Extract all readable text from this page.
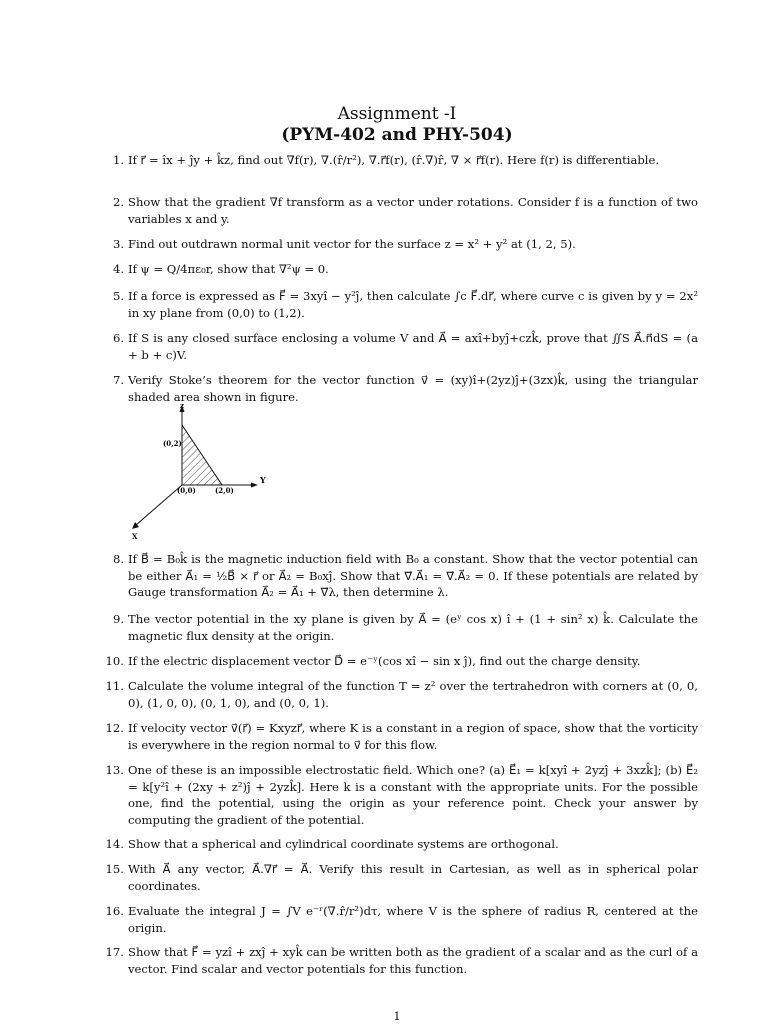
Assignment -I
(PYM-402 and PHY-504)
1. If r⃗ = îx + ĵy + k̂z, find out ∇f(r), ∇.(r̂/r²), ∇.r⃗f(r), (r̂.∇)r̂, ∇ × r⃗f(r). Here f(r) is differentiable.
2. Show that the gradient ∇f transform as a vector under rotations. Consider f is a function of two variables x and y.
3. Find out outdrawn normal unit vector for the surface z = x² + y² at (1, 2, 5).
4. If ψ = Q/4πε₀r, show that ∇²ψ = 0.
5. If a force is expressed as F⃗ = 3xyî − y²ĵ, then calculate ∫c F⃗.dr⃗, where curve c is given by y = 2x² in xy plane from (0,0) to (1,2).
6. If S is any closed surface enclosing a volume V and A⃗ = axî+byĵ+czk̂, prove that ∬S A⃗.n⃗dS = (a + b + c)V.
7. Verify Stoke’s theorem for the vector function v⃗ = (xy)î+(2yz)ĵ+(3zx)k̂, using the triangular shaded area shown in figure.
z
Y
X
(0,2)
(0,0)	(2,0)
8. If B⃗ = B₀k̂ is the magnetic induction field with B₀ a constant. Show that the vector potential can be either A⃗₁ = ½B⃗ × r⃗ or A⃗₂ = B₀xĵ. Show that ∇⃗.A⃗₁ = ∇⃗.A⃗₂ = 0. If these potentials are related by Gauge transformation A⃗₂ = A⃗₁ + ∇⃗λ, then determine λ.
9. The vector potential in the xy plane is given by A⃗ = (eʸ cos x) î + (1 + sin² x) k̂. Calculate the magnetic flux density at the origin.
10. If the electric displacement vector D⃗ = e⁻ʸ(cos xî − sin x ĵ), find out the charge density.
11. Calculate the volume integral of the function T = z² over the tertrahedron with corners at (0, 0, 0), (1, 0, 0), (0, 1, 0), and (0, 0, 1).
12. If velocity vector v⃗(r⃗) = Kxyzr⃗, where K is a constant in a region of space, show that the vorticity is everywhere in the region normal to v⃗ for this flow.
13. One of these is an impossible electrostatic field. Which one? (a) E⃗₁ = k[xyî + 2yzĵ + 3xzk̂]; (b) E⃗₂ = k[y²î + (2xy + z²)ĵ + 2yzk̂]. Here k is a constant with the appropriate units. For the possible one, find the potential, using the origin as your reference point. Check your answer by computing the gradient of the potential.
14. Show that a spherical and cylindrical coordinate systems are orthogonal.
15. With A⃗ any vector, A⃗.∇r⃗ = A⃗. Verify this result in Cartesian, as well as in spherical polar coordinates.
16. Evaluate the integral J = ∫V e⁻ʳ(∇.r̂/r²)dτ, where V is the sphere of radius R, centered at the origin.
17. Show that F⃗ = yzî + zxĵ + xyk̂ can be written both as the gradient of a scalar and as the curl of a vector. Find scalar and vector potentials for this function.
1
